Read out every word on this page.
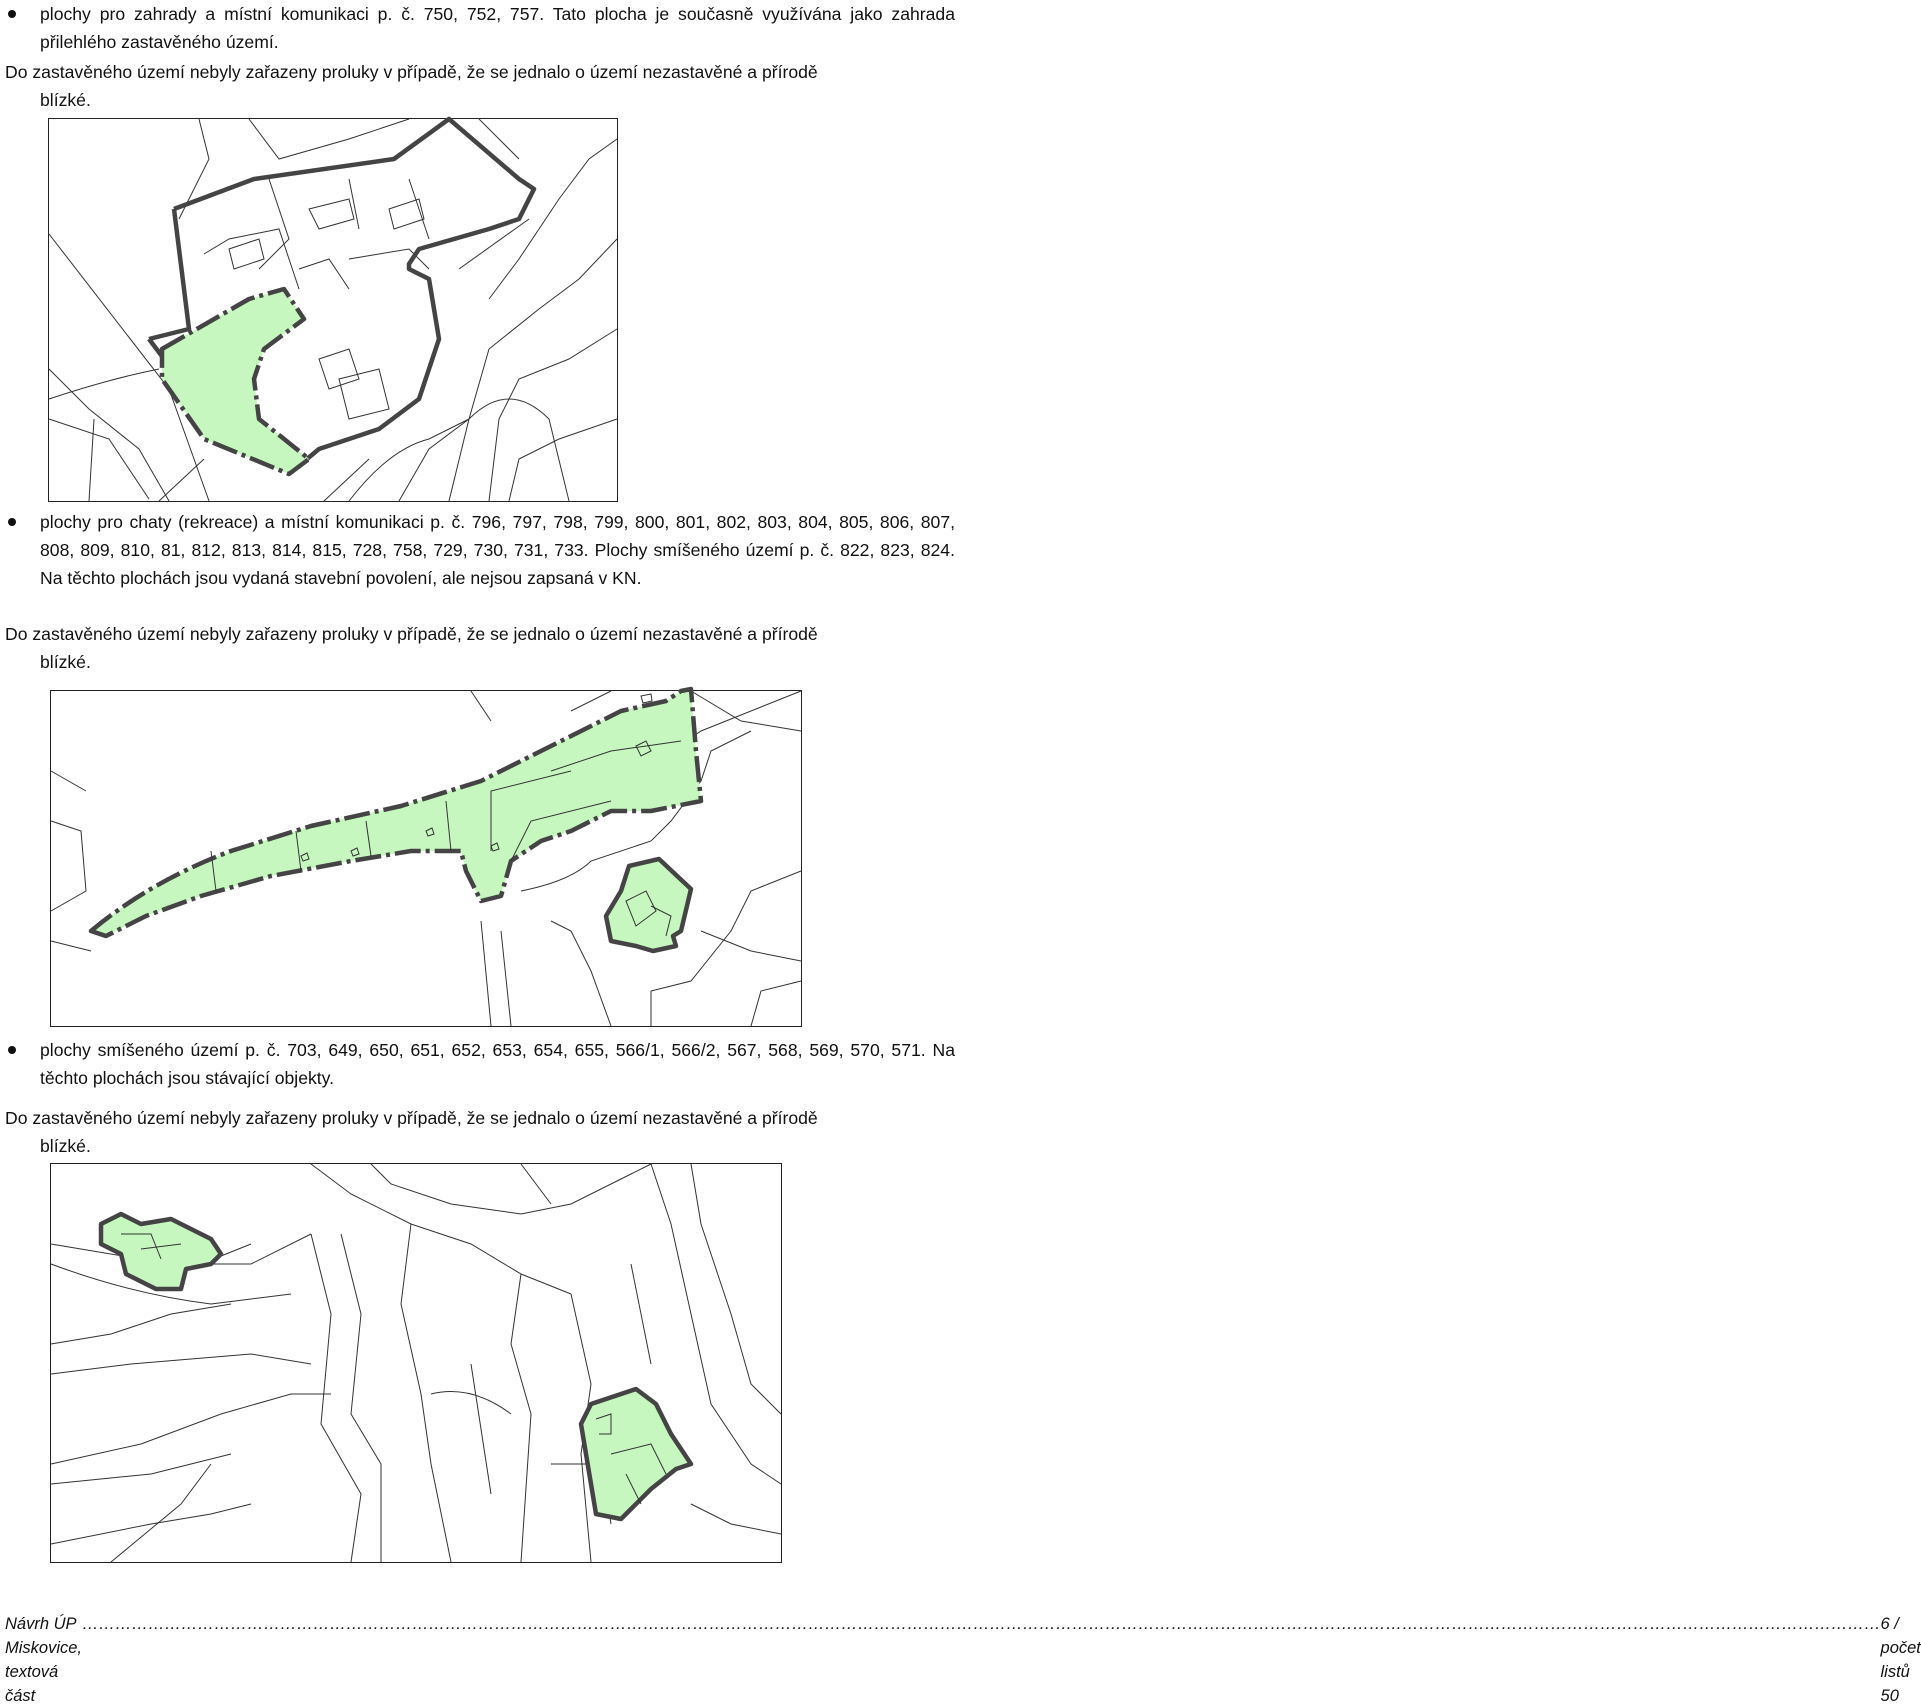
plochy pro zahrady a místní komunikaci p. č. 750, 752, 757. Tato plocha je současně využívána jako zahrada přilehlého zastavěného území.
Do zastavěného území nebyly zařazeny proluky v případě, že se jednalo o území nezastavěné a přírodě
blízké.
plochy pro chaty (rekreace) a místní komunikaci p. č. 796, 797, 798, 799, 800, 801, 802, 803, 804, 805, 806, 807, 808, 809, 810, 81, 812, 813, 814, 815, 728, 758, 729, 730, 731, 733. Plochy smíšeného území p. č. 822, 823, 824. Na těchto plochách jsou vydaná stavební povolení, ale nejsou zapsaná v KN.
Do zastavěného území nebyly zařazeny proluky v případě, že se jednalo o území nezastavěné a přírodě
blízké.
plochy smíšeného území p. č. 703, 649, 650, 651, 652, 653, 654, 655, 566/1, 566/2, 567, 568, 569, 570, 571. Na těchto plochách jsou stávající objekty.
Do zastavěného území nebyly zařazeny proluky v případě, že se jednalo o území nezastavěné a přírodě
blízké.
Návrh ÚP Miskovice, textová část
………………………………………………………………………………………………………………………………………………………………………………………………………………………………………………………………………………………………… 6 / počet listů 50
